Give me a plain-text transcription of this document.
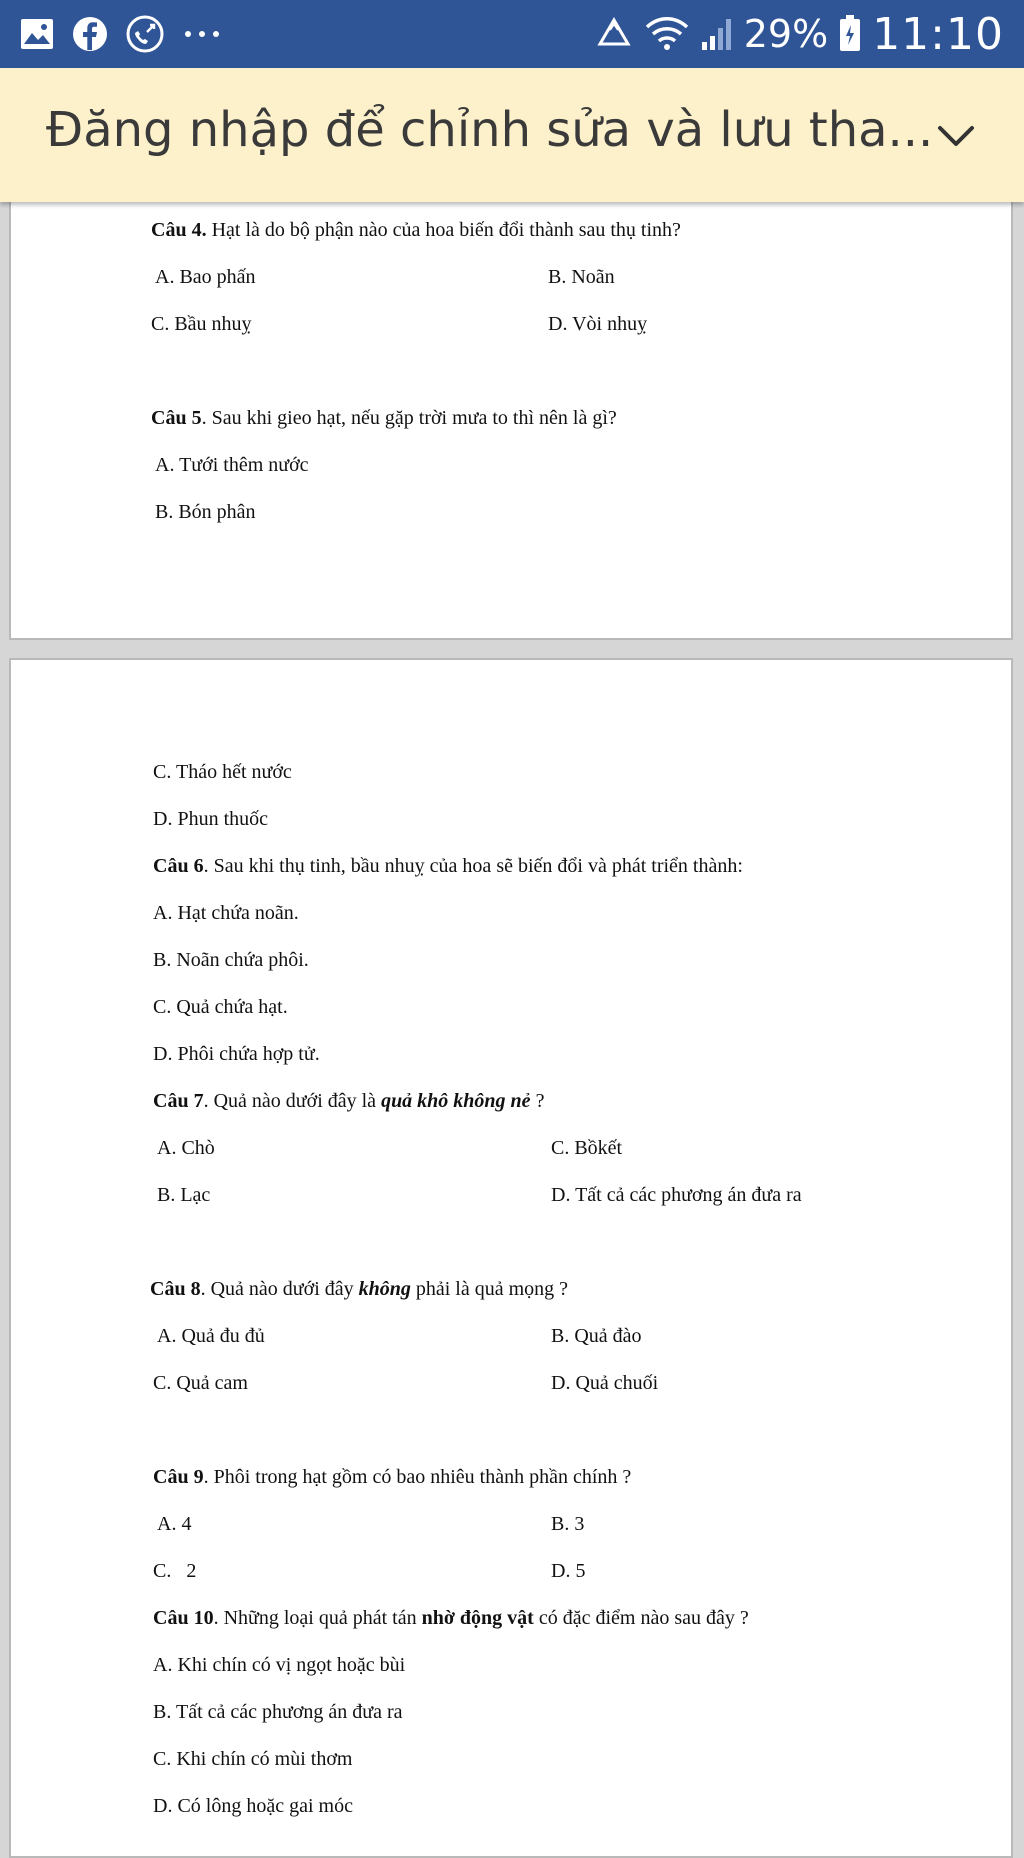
29% 11:10
Đăng nhập để chỉnh sửa và lưu tha...
Câu 4. Hạt là do bộ phận nào của hoa biến đổi thành sau thụ tinh?
A. Bao phấn	B. Noãn
C. Bầu nhuỵ	D. Vòi nhuỵ
Câu 5. Sau khi gieo hạt, nếu gặp trời mưa to thì nên là gì?
A. Tưới thêm nước
B. Bón phân
C. Tháo hết nước
D. Phun thuốc
Câu 6. Sau khi thụ tinh, bầu nhuỵ của hoa sẽ biến đổi và phát triển thành:
A. Hạt chứa noãn.
B. Noãn chứa phôi.
C. Quả chứa hạt.
D. Phôi chứa hợp tử.
Câu 7. Quả nào dưới đây là quả khô không nẻ ?
A. Chò	C. Bồkết
B. Lạc	D. Tất cả các phương án đưa ra
Câu 8. Quả nào dưới đây không phải là quả mọng ?
A. Quả đu đủ	B. Quả đào
C. Quả cam	D. Quả chuối
Câu 9. Phôi trong hạt gồm có bao nhiêu thành phần chính ?
A. 4	B. 3
C.   2	D. 5
Câu 10. Những loại quả phát tán nhờ động vật có đặc điểm nào sau đây ?
A. Khi chín có vị ngọt hoặc bùi
B. Tất cả các phương án đưa ra
C. Khi chín có mùi thơm
D. Có lông hoặc gai móc
